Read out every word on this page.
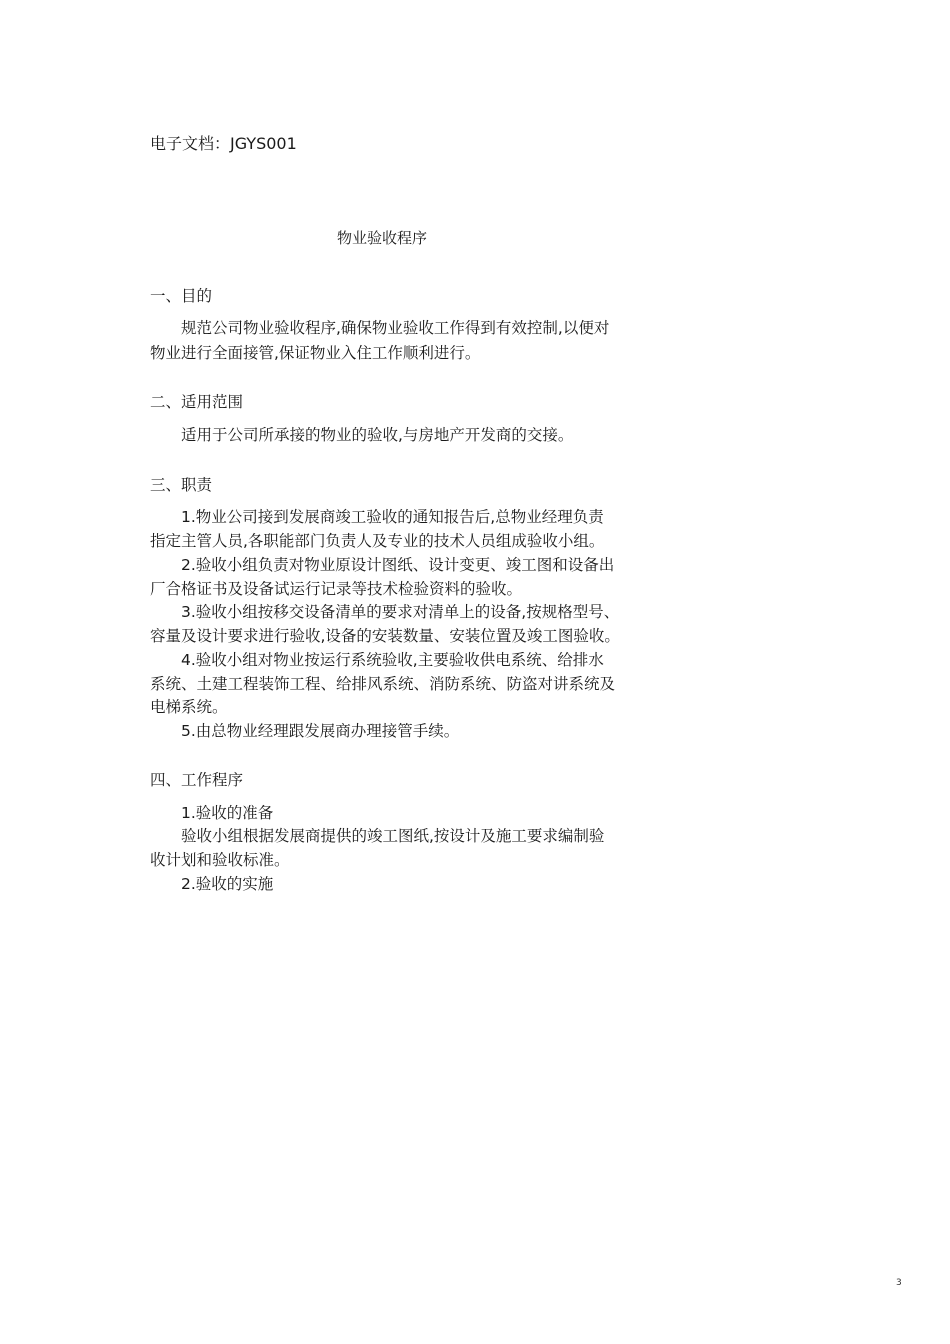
电子文档：JGYS001
物业验收程序
一、目的
规范公司物业验收程序,确保物业验收工作得到有效控制,以便对
物业进行全面接管,保证物业入住工作顺利进行。
二、适用范围
适用于公司所承接的物业的验收,与房地产开发商的交接。
三、职责
1.物业公司接到发展商竣工验收的通知报告后,总物业经理负责
指定主管人员,各职能部门负责人及专业的技术人员组成验收小组。
2.验收小组负责对物业原设计图纸、设计变更、竣工图和设备出
厂合格证书及设备试运行记录等技术检验资料的验收。
3.验收小组按移交设备清单的要求对清单上的设备,按规格型号、
容量及设计要求进行验收,设备的安装数量、安装位置及竣工图验收。
4.验收小组对物业按运行系统验收,主要验收供电系统、给排水
系统、土建工程装饰工程、给排风系统、消防系统、防盗对讲系统及
电梯系统。
5.由总物业经理跟发展商办理接管手续。
四、工作程序
1.验收的准备
验收小组根据发展商提供的竣工图纸,按设计及施工要求编制验
收计划和验收标准。
2.验收的实施
3
